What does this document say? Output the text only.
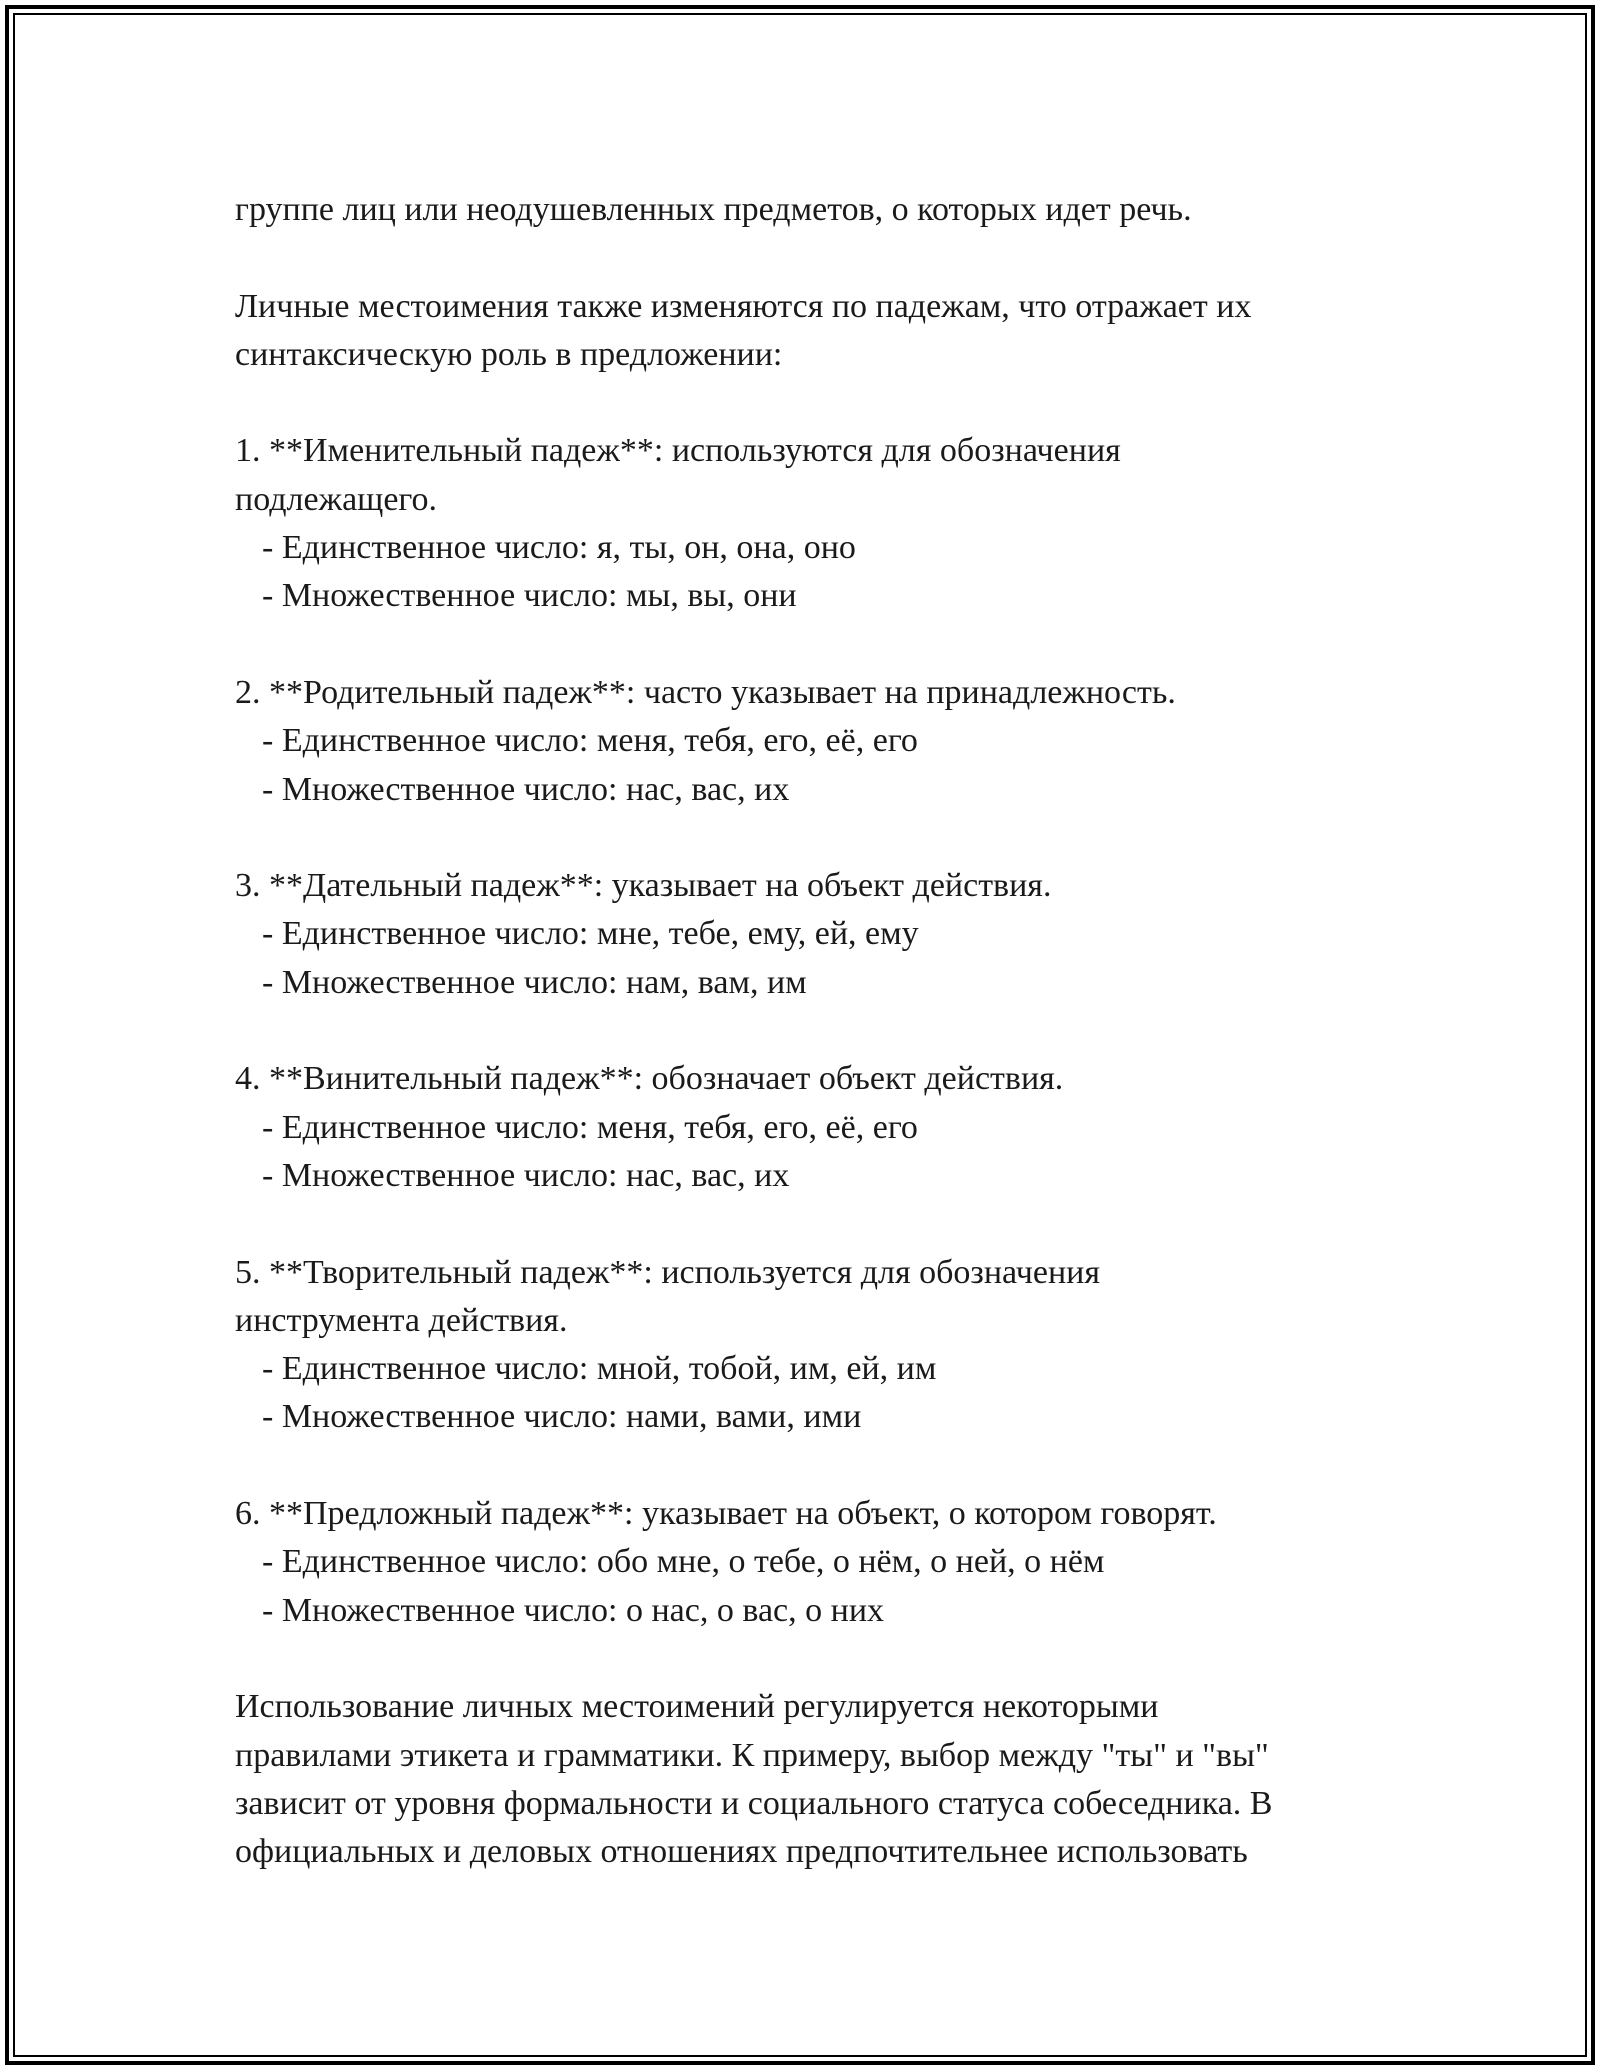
группе лиц или неодушевленных предметов, о которых идет речь.
Личные местоимения также изменяются по падежам, что отражает их
синтаксическую роль в предложении:
1. **Именительный падеж**: используются для обозначения
подлежащего.
- Единственное число: я, ты, он, она, оно
- Множественное число: мы, вы, они
2. **Родительный падеж**: часто указывает на принадлежность.
- Единственное число: меня, тебя, его, её, его
- Множественное число: нас, вас, их
3. **Дательный падеж**: указывает на объект действия.
- Единственное число: мне, тебе, ему, ей, ему
- Множественное число: нам, вам, им
4. **Винительный падеж**: обозначает объект действия.
- Единственное число: меня, тебя, его, её, его
- Множественное число: нас, вас, их
5. **Творительный падеж**: используется для обозначения
инструмента действия.
- Единственное число: мной, тобой, им, ей, им
- Множественное число: нами, вами, ими
6. **Предложный падеж**: указывает на объект, о котором говорят.
- Единственное число: обо мне, о тебе, о нём, о ней, о нём
- Множественное число: о нас, о вас, о них
Использование личных местоимений регулируется некоторыми
правилами этикета и грамматики. К примеру, выбор между "ты" и "вы"
зависит от уровня формальности и социального статуса собеседника. В
официальных и деловых отношениях предпочтительнее использовать
